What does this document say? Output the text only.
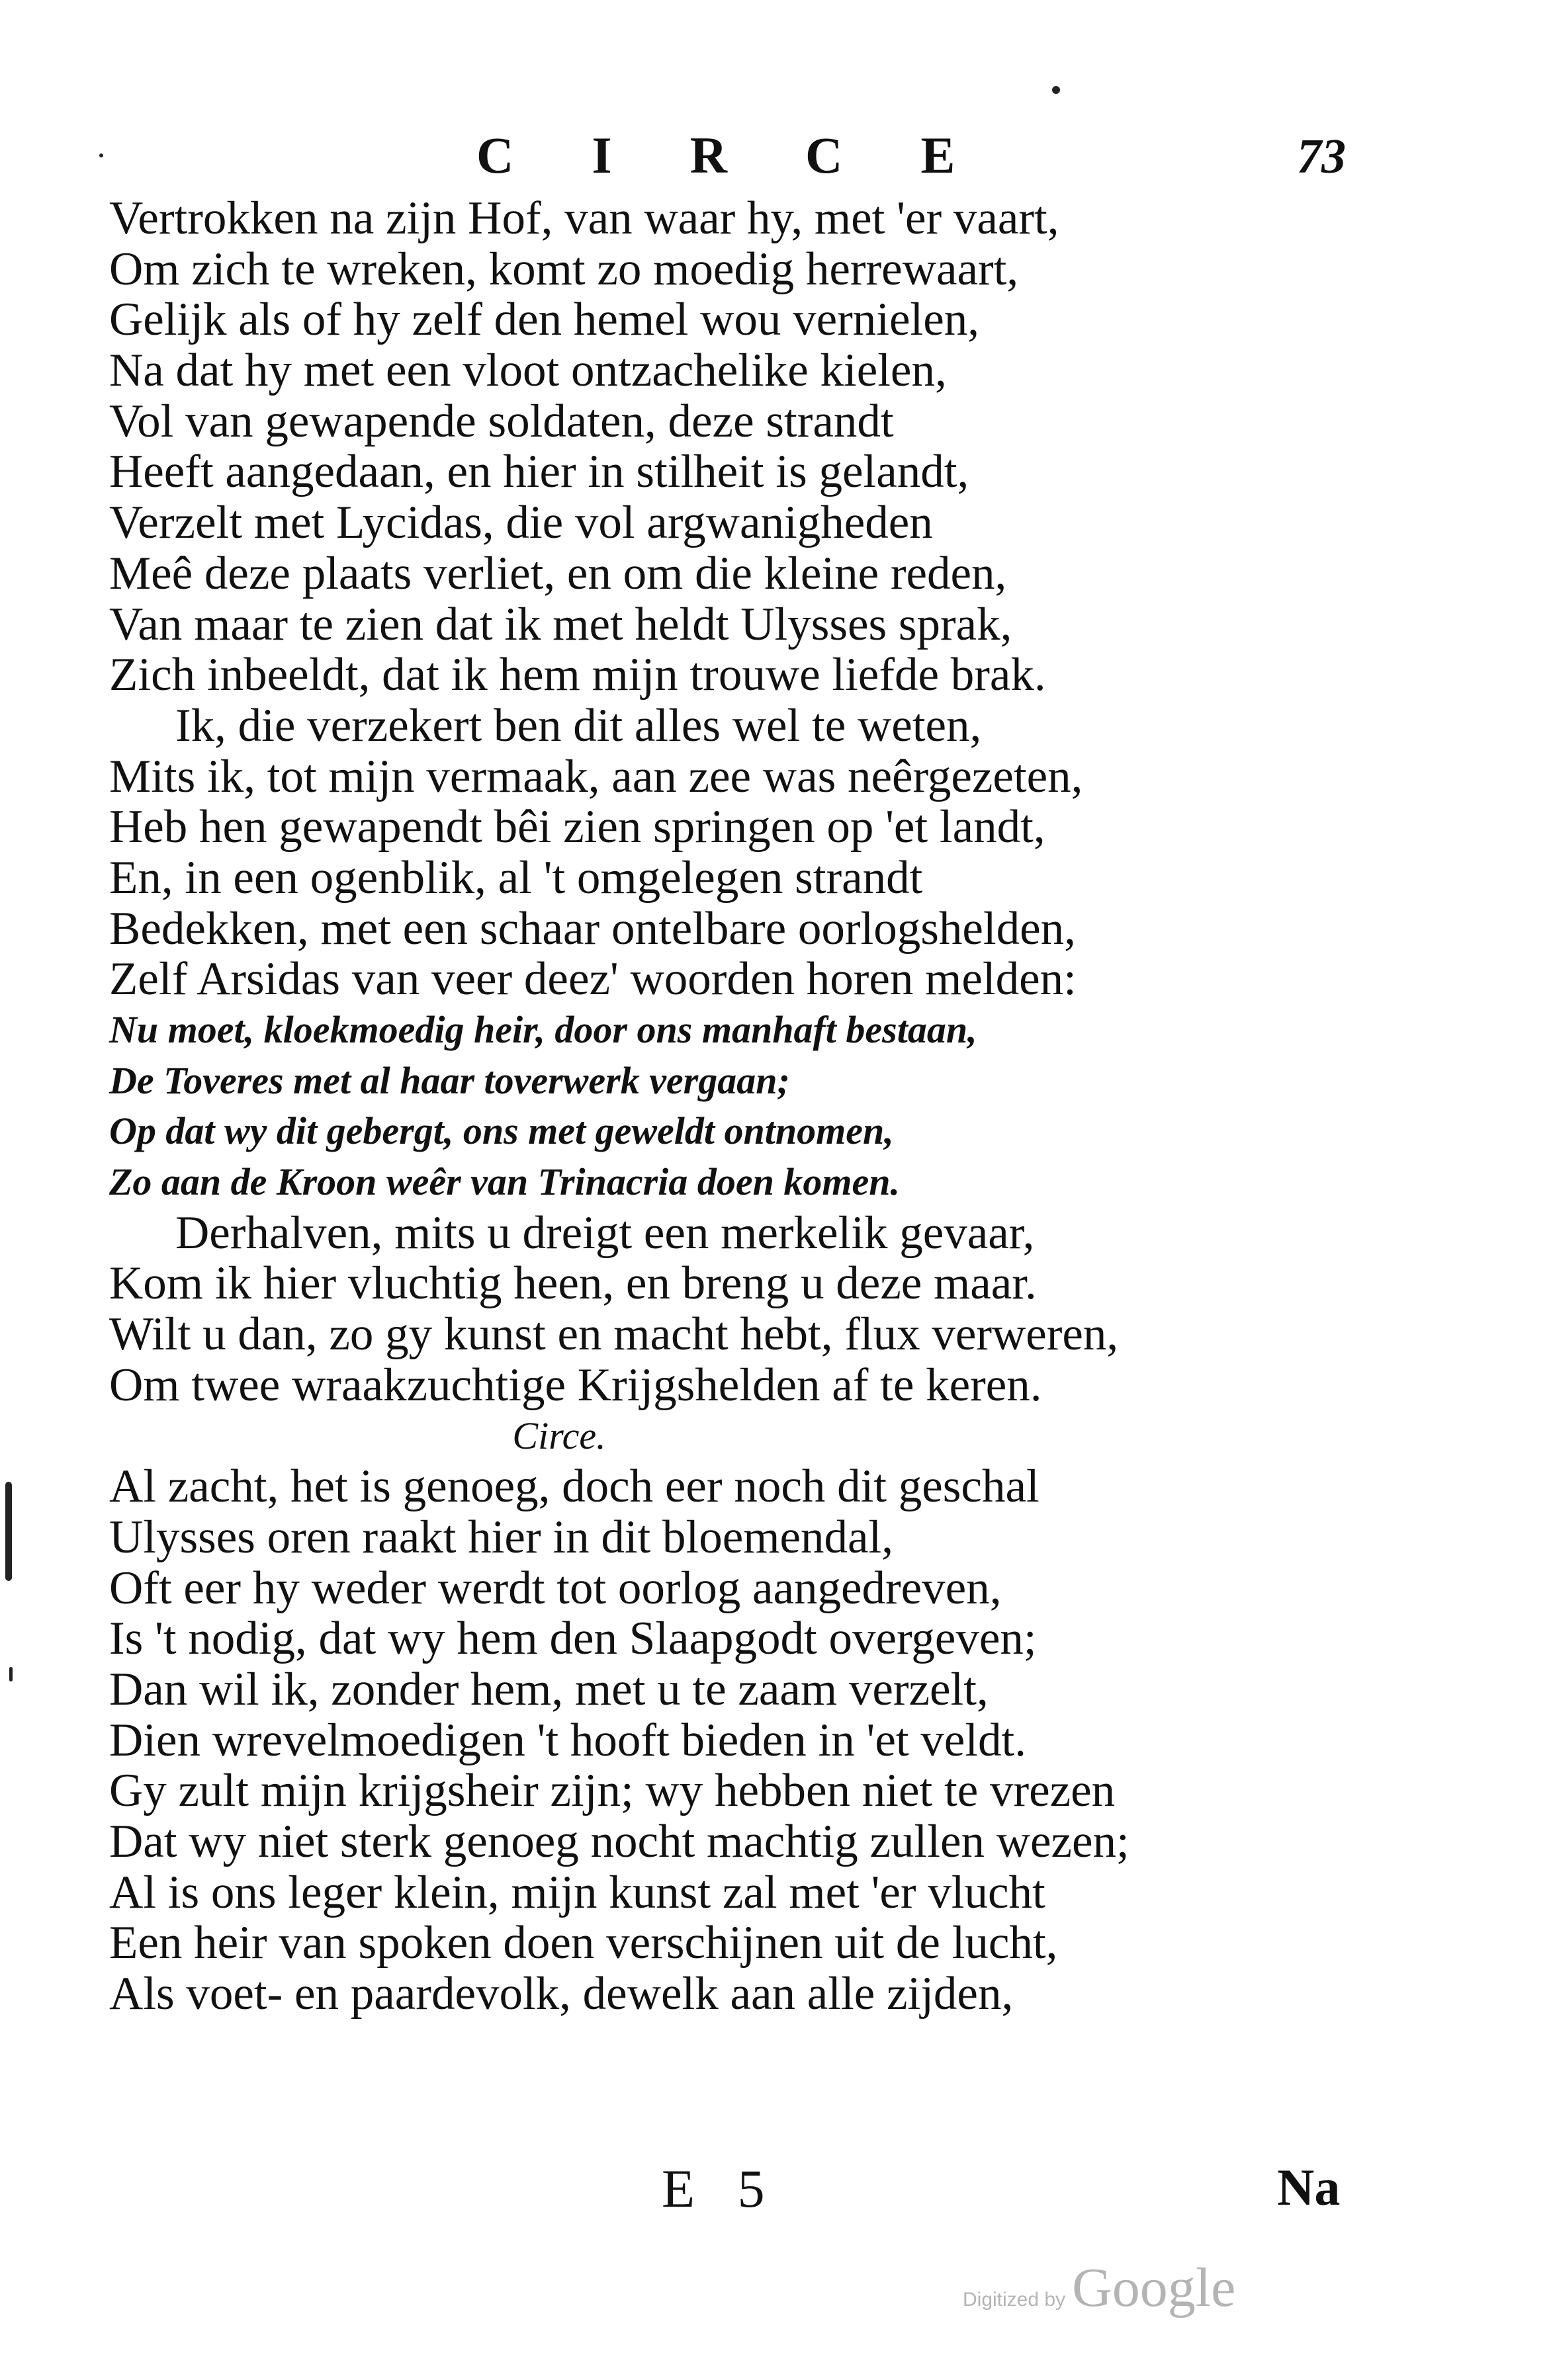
CIRCE	73
Vertrokken na zijn Hof, van waar hy, met 'er vaart,
Om zich te wreken, komt zo moedig herrewaart,
Gelijk als of hy zelf den hemel wou vernielen,
Na dat hy met een vloot ontzachelike kielen,
Vol van gewapende soldaten, deze strandt
Heeft aangedaan, en hier in stilheit is gelandt,
Verzelt met Lycidas, die vol argwanigheden
Meê deze plaats verliet, en om die kleine reden,
Van maar te zien dat ik met heldt Ulysses sprak,
Zich inbeeldt, dat ik hem mijn trouwe liefde brak.
Ik, die verzekert ben dit alles wel te weten,
Mits ik, tot mijn vermaak, aan zee was neêrgezeten,
Heb hen gewapendt bêi zien springen op 'et landt,
En, in een ogenblik, al 't omgelegen strandt
Bedekken, met een schaar ontelbare oorlogshelden,
Zelf Arsidas van veer deez' woorden horen melden:
Nu moet, kloekmoedig heir, door ons manhaft bestaan,
De Toveres met al haar toverwerk vergaan;
Op dat wy dit gebergt, ons met geweldt ontnomen,
Zo aan de Kroon weêr van Trinacria doen komen.
Derhalven, mits u dreigt een merkelik gevaar,
Kom ik hier vluchtig heen, en breng u deze maar.
Wilt u dan, zo gy kunst en macht hebt, flux verweren,
Om twee wraakzuchtige Krijgshelden af te keren.
Circe.
Al zacht, het is genoeg, doch eer noch dit geschal
Ulysses oren raakt hier in dit bloemendal,
Oft eer hy weder werdt tot oorlog aangedreven,
Is 't nodig, dat wy hem den Slaapgodt overgeven;
Dan wil ik, zonder hem, met u te zaam verzelt,
Dien wrevelmoedigen 't hooft bieden in 'et veldt.
Gy zult mijn krijgsheir zijn; wy hebben niet te vrezen
Dat wy niet sterk genoeg nocht machtig zullen wezen;
Al is ons leger klein, mijn kunst zal met 'er vlucht
Een heir van spoken doen verschijnen uit de lucht,
Als voet- en paardevolk, dewelk aan alle zijden,
E 5	Na
Digitized by Google
